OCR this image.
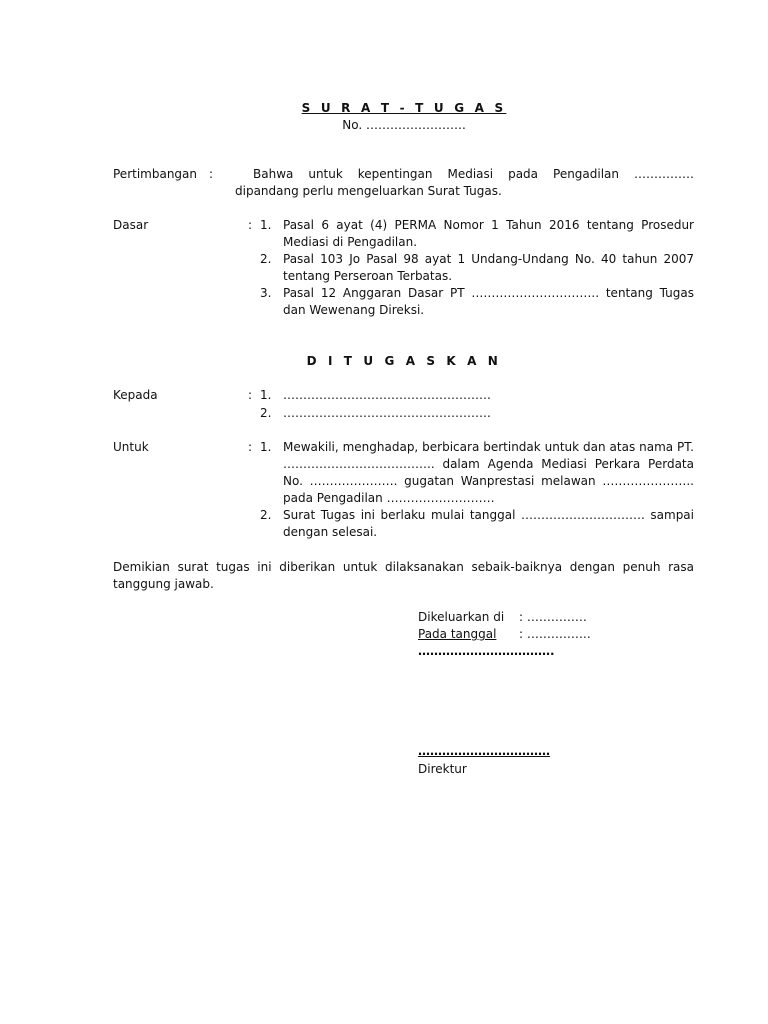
S U R A T - T U G A S
No. …………………….
Pertimbangan :	Bahwa untuk kepentingan Mediasi pada Pengadilan …………… dipandang perlu mengeluarkan Surat Tugas.
Dasar	: 1. Pasal 6 ayat (4) PERMA Nomor 1 Tahun 2016 tentang Prosedur Mediasi di Pengadilan.
2. Pasal 103 Jo Pasal 98 ayat 1 Undang-Undang No. 40 tahun 2007 tentang Perseroan Terbatas.
3. Pasal 12 Anggaran Dasar PT ………………………….. tentang Tugas dan Wewenang Direksi.
D I T U G A S K A N
Kepada	: 1. …………………………………………….
2. …………………………………………….
Untuk	: 1. Mewakili, menghadap, berbicara bertindak untuk dan atas nama PT. ……………………………….. dalam Agenda Mediasi Perkara Perdata No. …………………. gugatan Wanprestasi melawan ………………….. pada Pengadilan ………………………
2. Surat Tugas ini berlaku mulai tanggal …………………………. sampai dengan selesai.
Demikian surat tugas ini diberikan untuk dilaksanakan sebaik-baiknya dengan penuh rasa tanggung jawab.
Dikeluarkan di : ……………
Pada tanggal : …………….
…………………………….
……………………………
Direktur
